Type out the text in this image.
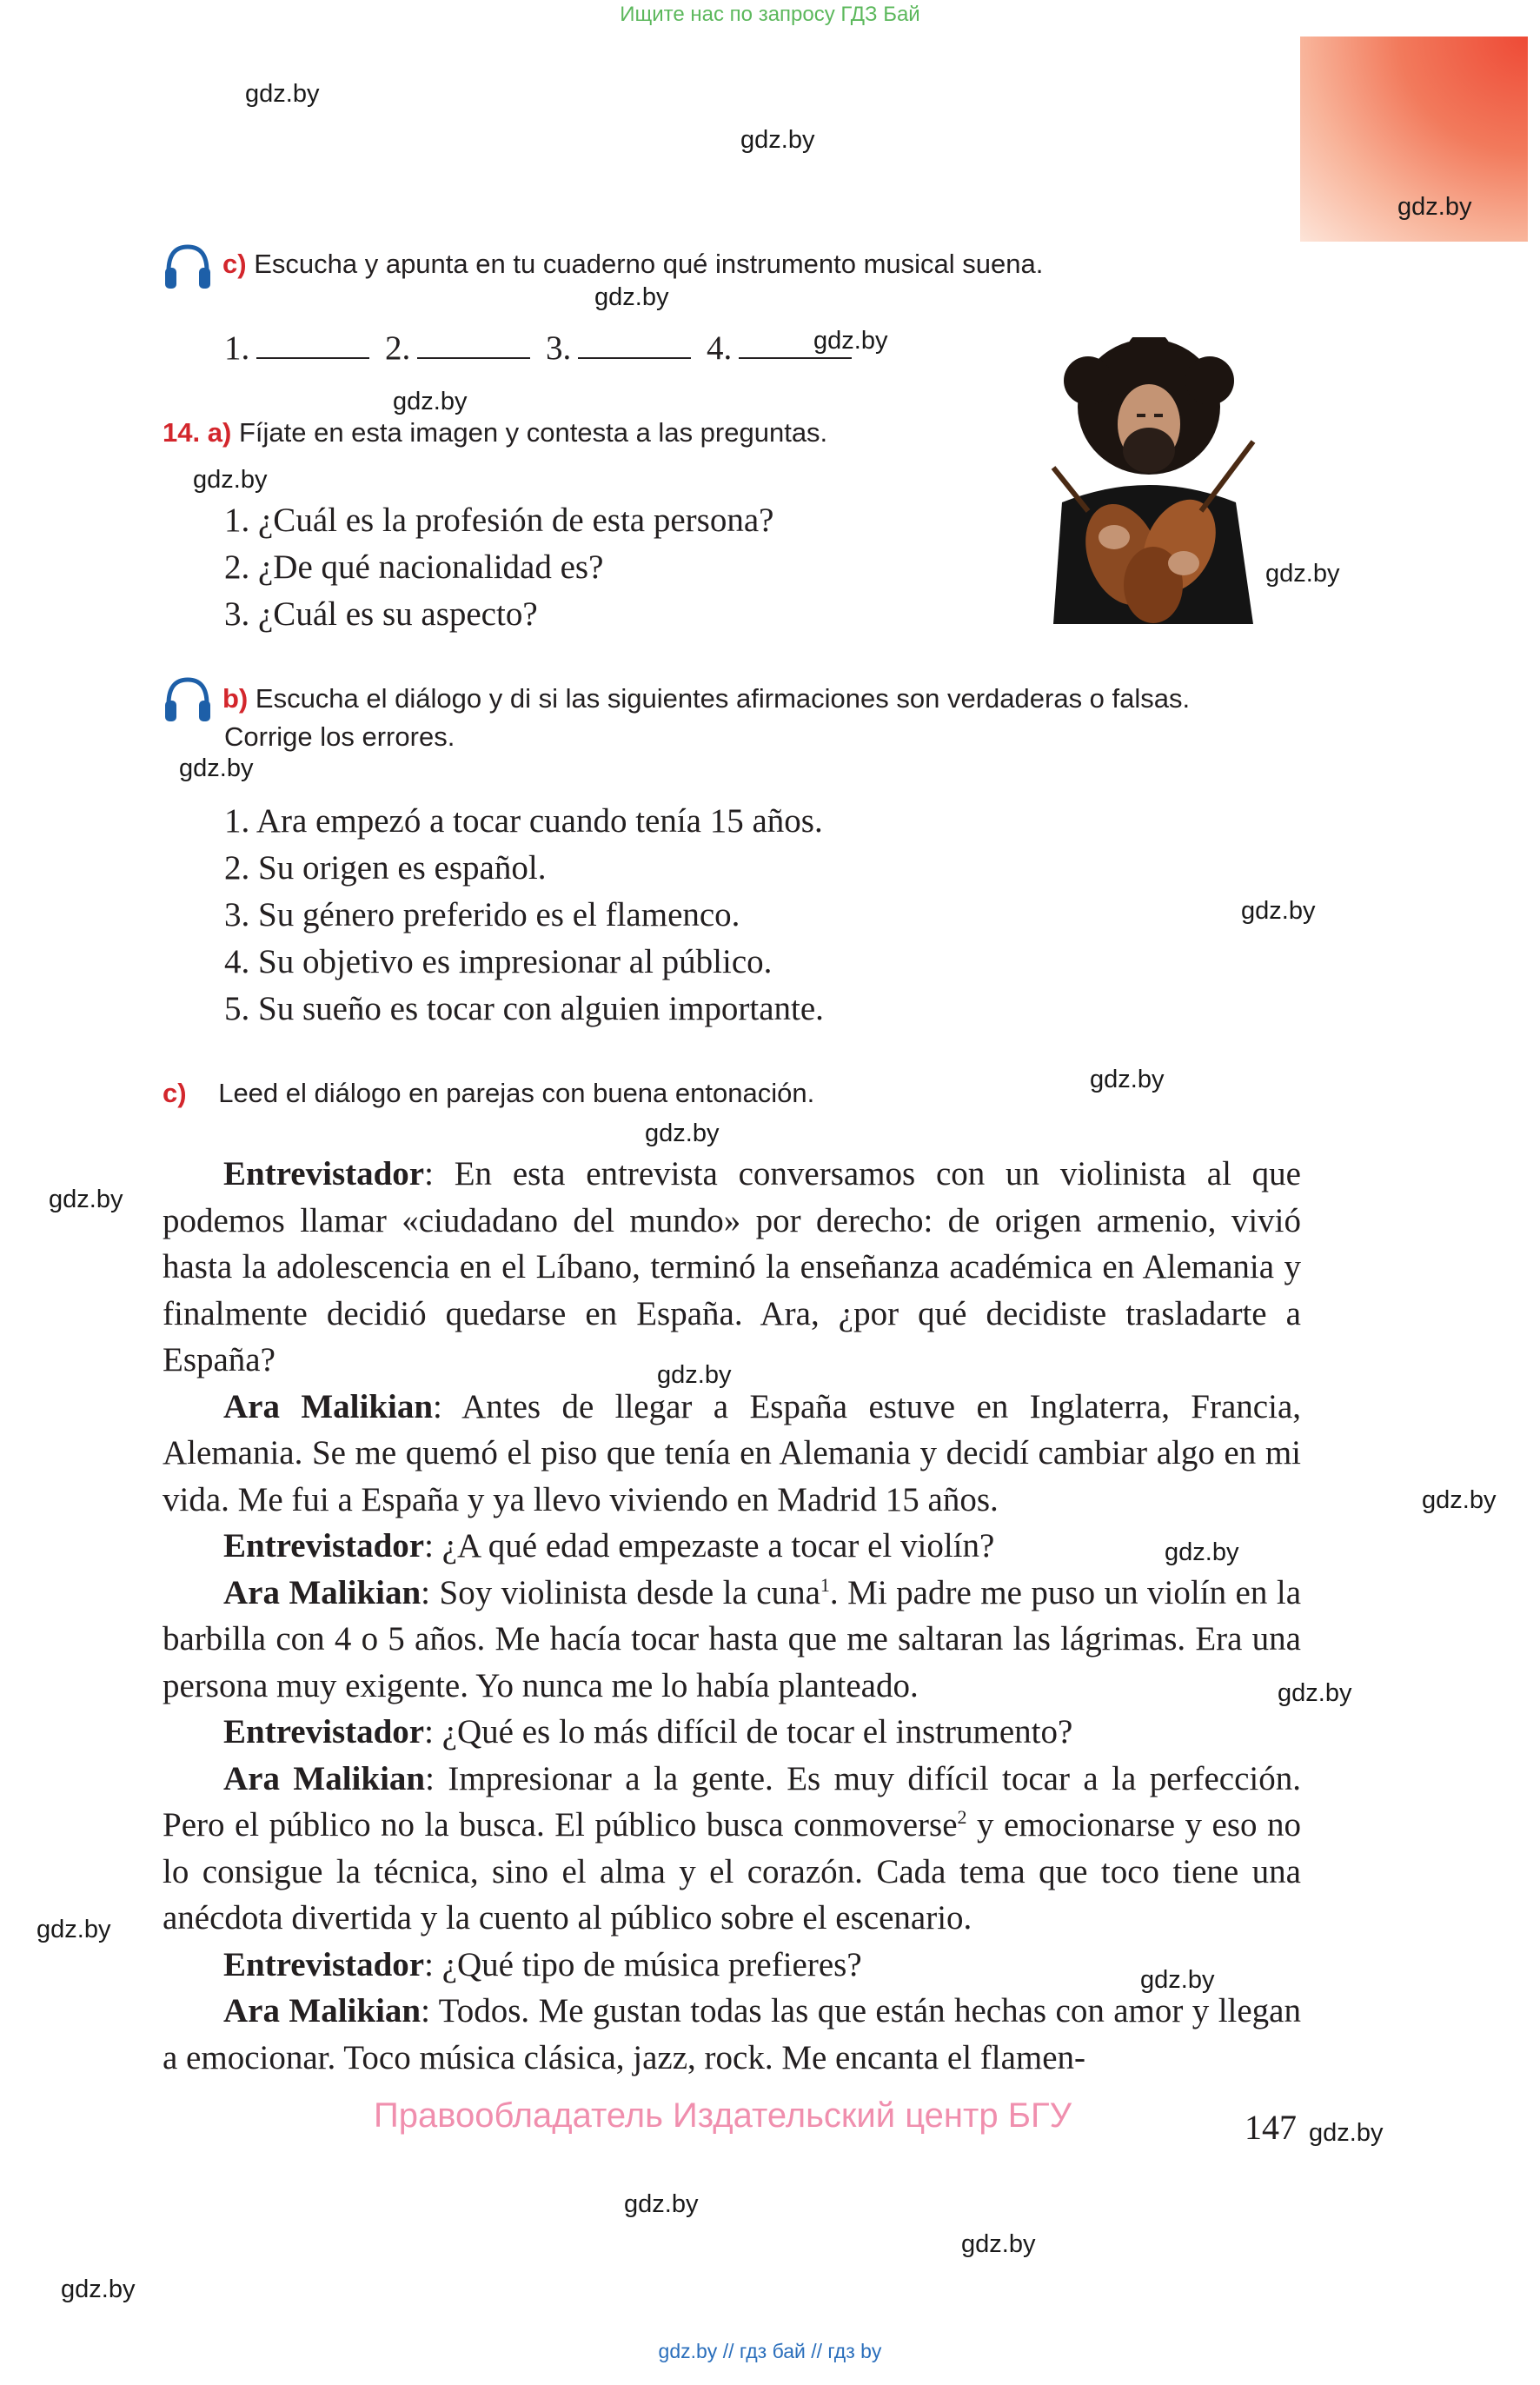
Ищите нас по запросу ГДЗ Бай
gdz.by
gdz.by
gdz.by
gdz.by
gdz.by
gdz.by
gdz.by
gdz.by
gdz.by
gdz.by
gdz.by
gdz.by
gdz.by
gdz.by
gdz.by
gdz.by
gdz.by
gdz.by
gdz.by
gdz.by
gdz.by
gdz.by
gdz.by
c) Escucha y apunta en tu cuaderno qué instrumento musical suena.
1.	2.	3.	4.
14. a) Fíjate en esta imagen y contesta a las preguntas.
1. ¿Cuál es la profesión de esta persona?
2. ¿De qué nacionalidad es?
3. ¿Cuál es su aspecto?
b) Escucha el diálogo y di si las siguientes afirmaciones son verdaderas o falsas.
Corrige los errores.
1. Ara empezó a tocar cuando tenía 15 años.
2. Su origen es español.
3. Su género preferido es el flamenco.
4. Su objetivo es impresionar al público.
5. Su sueño es tocar con alguien importante.
c) Leed el diálogo en parejas con buena entonación.

Entrevistador: En esta entrevista conversamos con un violinista al que podemos llamar «ciudadano del mundo» por derecho: de origen armenio, vivió hasta la adolescencia en el Líbano, terminó la enseñanza académica en Alemania y finalmente decidió quedarse en España. Ara, ¿por qué decidiste trasladarte a España?

Ara Malikian: Antes de llegar a España estuve en Inglaterra, Francia, Alemania. Se me quemó el piso que tenía en Alemania y decidí cambiar algo en mi vida. Me fui a España y ya llevo viviendo en Madrid 15 años.

Entrevistador: ¿A qué edad empezaste a tocar el violín?

Ara Malikian: Soy violinista desde la cuna$^1$. Mi padre me puso un violín en la barbilla con 4 o 5 años. Me hacía tocar hasta que me saltaran las lágrimas. Era una persona muy exigente. Yo nunca me lo había planteado.

Entrevistador: ¿Qué es lo más difícil de tocar el instrumento?

Ara Malikian: Impresionar a la gente. Es muy difícil tocar a la perfección. Pero el público no la busca. El público busca conmoverse$^2$ y emocionarse y eso no lo consigue la técnica, sino el alma y el corazón. Cada tema que toco tiene una anécdota divertida y la cuento al público sobre el escenario.

Entrevistador: ¿Qué tipo de música prefieres?

Ara Malikian: Todos. Me gustan todas las que están hechas con amor y llegan a emocionar. Toco música clásica, jazz, rock. Me encanta el flamen-

Правообладатель Издательский центр БГУ	147
gdz.by // гдз бай // гдз by
